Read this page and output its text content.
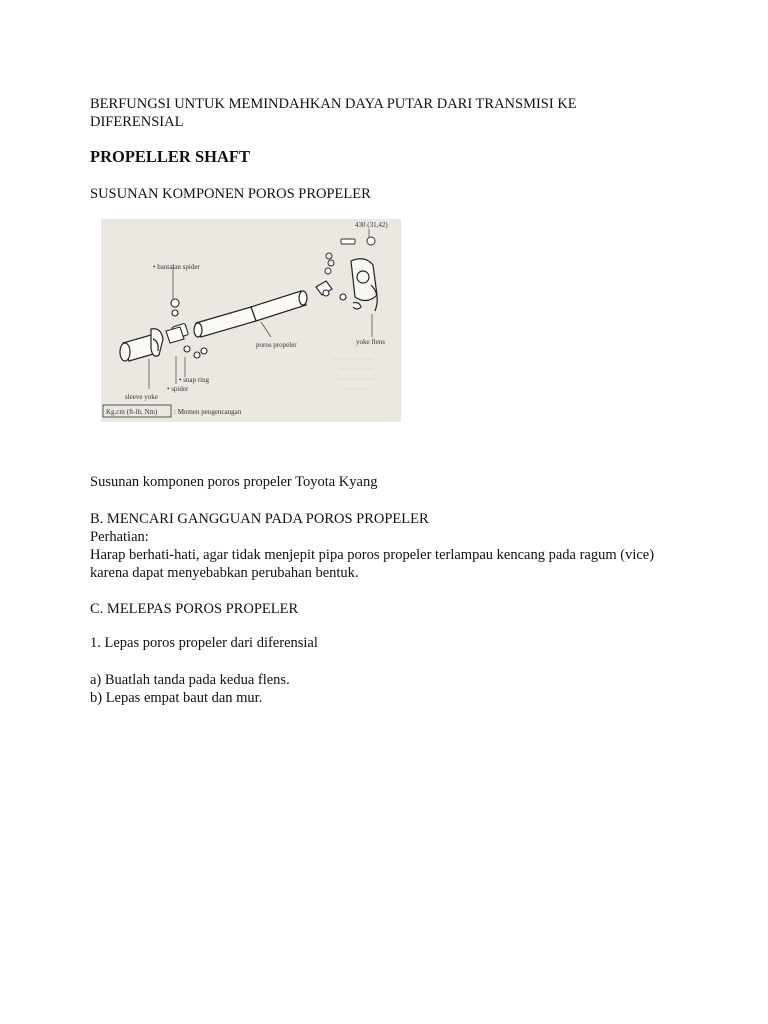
BERFUNGSI UNTUK MEMINDAHKAN DAYA PUTAR DARI TRANSMISI KE
DIFERENSIAL
PROPELLER SHAFT
SUSUNAN KOMPONEN POROS PROPELER
430 (31,42)
yoke flens
poros propeler
• bantalan spider
sleeve yoke
• spider
• snap ring
Kg.cm (ft-lb, Nm) : Momen pengencangan
Susunan komponen poros propeler Toyota Kyang
B. MENCARI GANGGUAN PADA POROS PROPELER
Perhatian:
Harap berhati-hati, agar tidak menjepit pipa poros propeler terlampau kencang pada ragum (vice)
karena dapat menyebabkan perubahan bentuk.
C. MELEPAS POROS PROPELER
1. Lepas poros propeler dari diferensial
a) Buatlah tanda pada kedua flens.
b) Lepas empat baut dan mur.
